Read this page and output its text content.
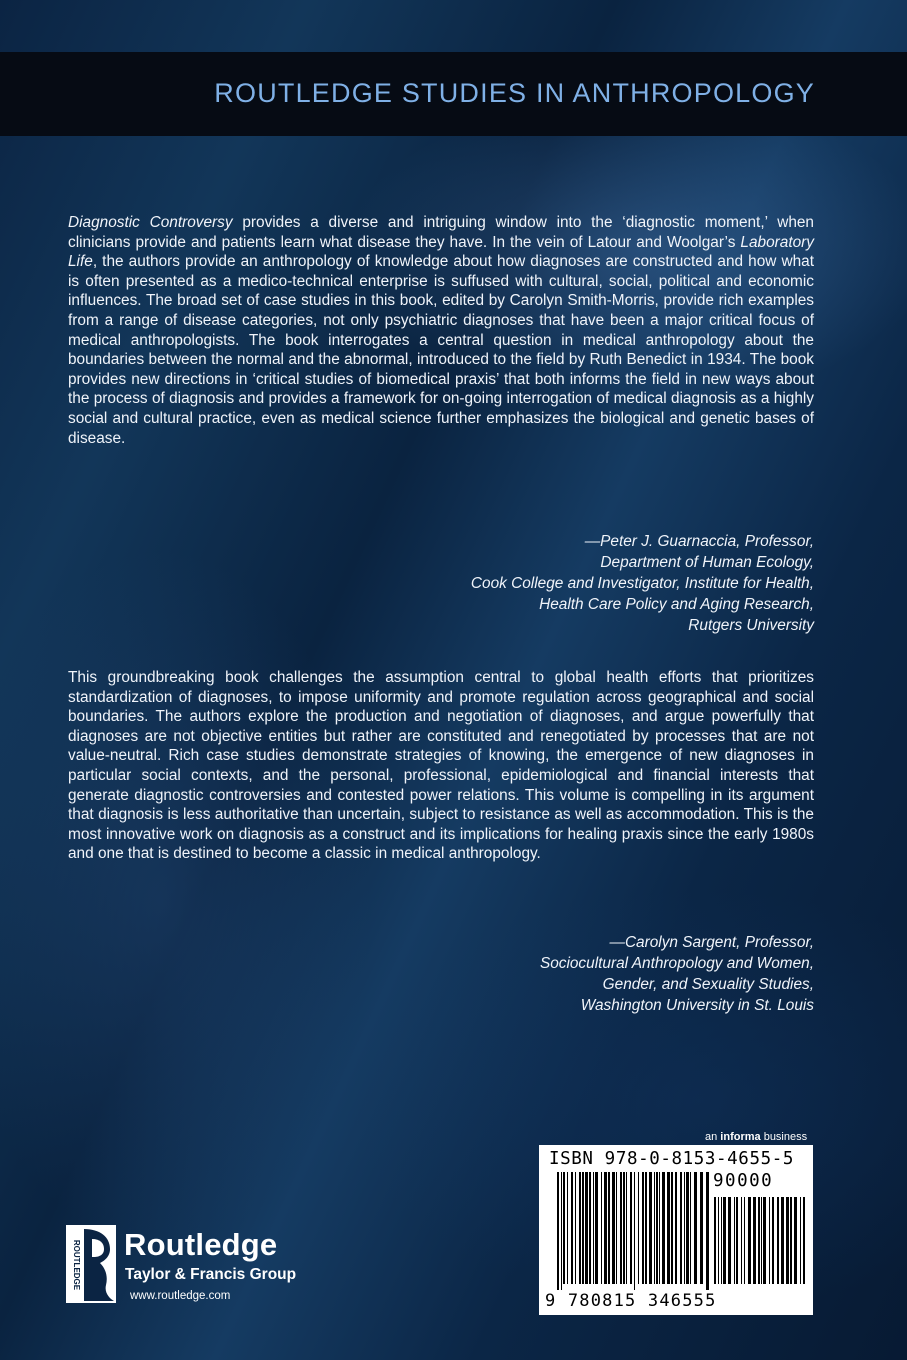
ROUTLEDGE STUDIES IN ANTHROPOLOGY
Diagnostic Controversy provides a diverse and intriguing window into the ‘diagnostic moment,’ when clinicians provide and patients learn what disease they have. In the vein of Latour and Woolgar’s Laboratory Life, the authors provide an anthropology of knowledge about how diagnoses are constructed and how what is often presented as a medico-technical enterprise is suffused with cultural, social, political and economic influences. The broad set of case studies in this book, edited by Carolyn Smith-Morris, provide rich examples from a range of disease categories, not only psychiatric diagnoses that have been a major critical focus of medical anthropologists. The book interrogates a central question in medical anthropology about the boundaries between the normal and the abnormal, introduced to the field by Ruth Benedict in 1934. The book provides new directions in ‘critical studies of biomedical praxis’ that both informs the field in new ways about the process of diagnosis and provides a framework for on-going interrogation of medical diagnosis as a highly social and cultural practice, even as medical science further emphasizes the biological and genetic bases of disease.
—Peter J. Guarnaccia, Professor,
Department of Human Ecology,
Cook College and Investigator, Institute for Health,
Health Care Policy and Aging Research,
Rutgers University
This groundbreaking book challenges the assumption central to global health efforts that prioritizes standardization of diagnoses, to impose uniformity and promote regulation across geographical and social boundaries. The authors explore the production and negotiation of diagnoses, and argue powerfully that diagnoses are not objective entities but rather are constituted and renegotiated by processes that are not value-neutral. Rich case studies demonstrate strategies of knowing, the emergence of new diagnoses in particular social contexts, and the personal, professional, epidemiological and financial interests that generate diagnostic controversies and contested power relations. This volume is compelling in its argument that diagnosis is less authoritative than uncertain, subject to resistance as well as accommodation. This is the most innovative work on diagnosis as a construct and its implications for healing praxis since the early 1980s and one that is destined to become a classic in medical anthropology.
—Carolyn Sargent, Professor,
Sociocultural Anthropology and Women,
Gender, and Sexuality Studies,
Washington University in St. Louis
an informa business
ISBN 978-0-8153-4655-5
90000
9 780815 346555
ROUTLEDGE Routledge
Taylor & Francis Group
www.routledge.com
